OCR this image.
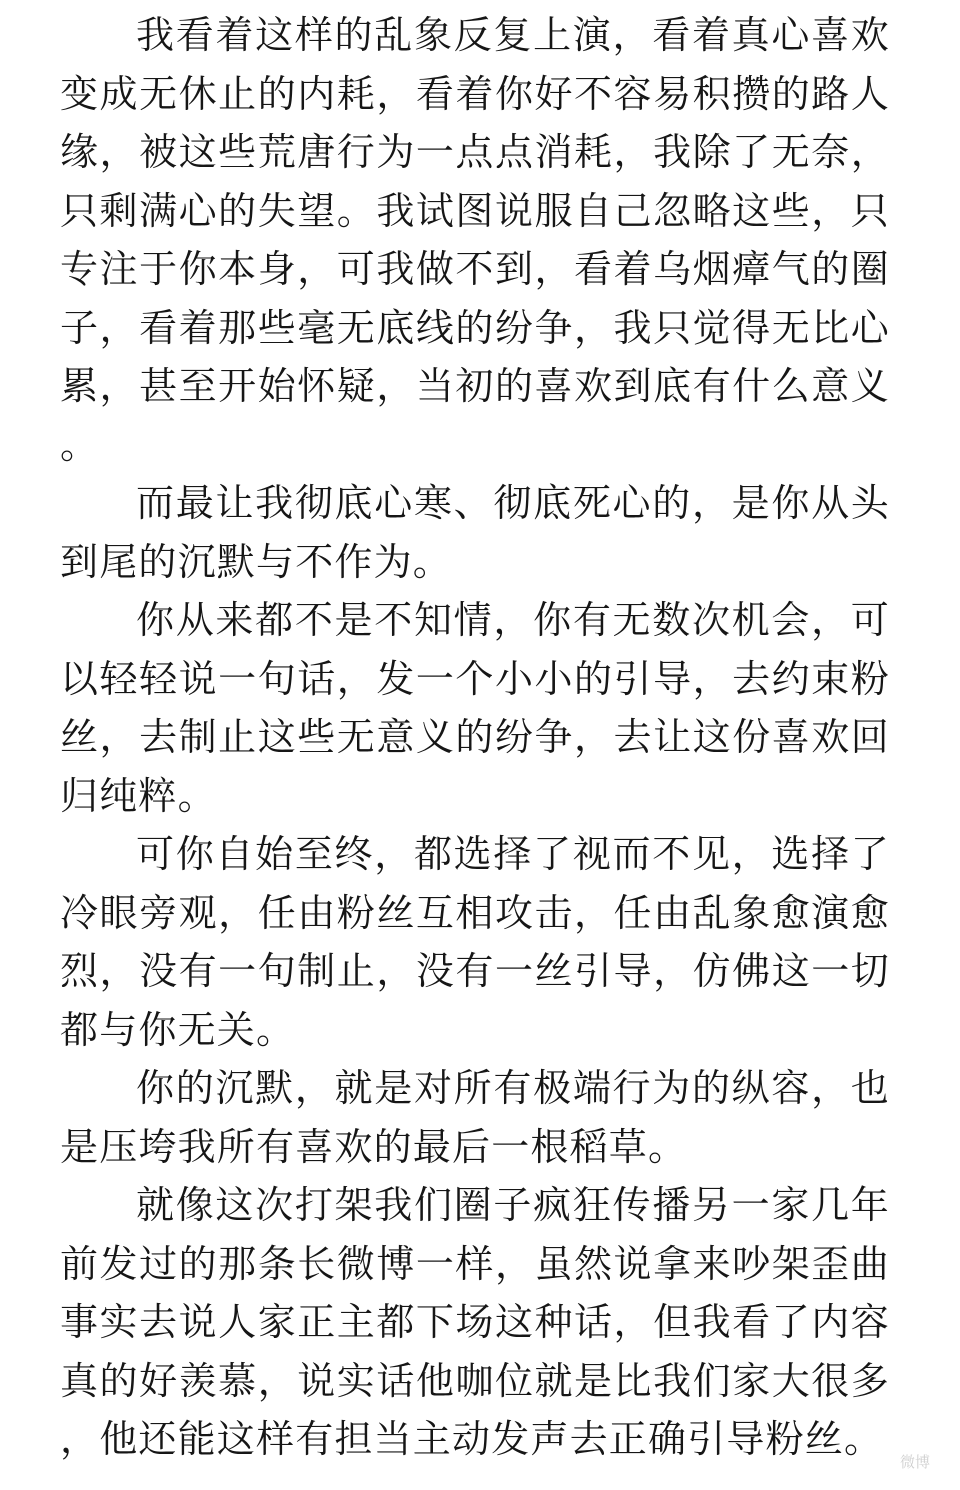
我看着这样的乱象反复上演，看着真心喜欢变成无休止的内耗，看着你好不容易积攒的路人缘，被这些荒唐行为一点点消耗，我除了无奈，只剩满心的失望。我试图说服自己忽略这些，只专注于你本身，可我做不到，看着乌烟瘴气的圈子，看着那些毫无底线的纷争，我只觉得无比心累，甚至开始怀疑，当初的喜欢到底有什么意义。

而最让我彻底心寒、彻底死心的，是你从头到尾的沉默与不作为。

你从来都不是不知情，你有无数次机会，可以轻轻说一句话，发一个小小的引导，去约束粉丝，去制止这些无意义的纷争，去让这份喜欢回归纯粹。

可你自始至终，都选择了视而不见，选择了冷眼旁观，任由粉丝互相攻击，任由乱象愈演愈烈，没有一句制止，没有一丝引导，仿佛这一切都与你无关。

你的沉默，就是对所有极端行为的纵容，也是压垮我所有喜欢的最后一根稻草。

就像这次打架我们圈子疯狂传播另一家几年前发过的那条长微博一样，虽然说拿来吵架歪曲事实去说人家正主都下场这种话，但我看了内容真的好羡慕，说实话他咖位就是比我们家大很多，他还能这样有担当主动发声去正确引导粉丝。

微博
